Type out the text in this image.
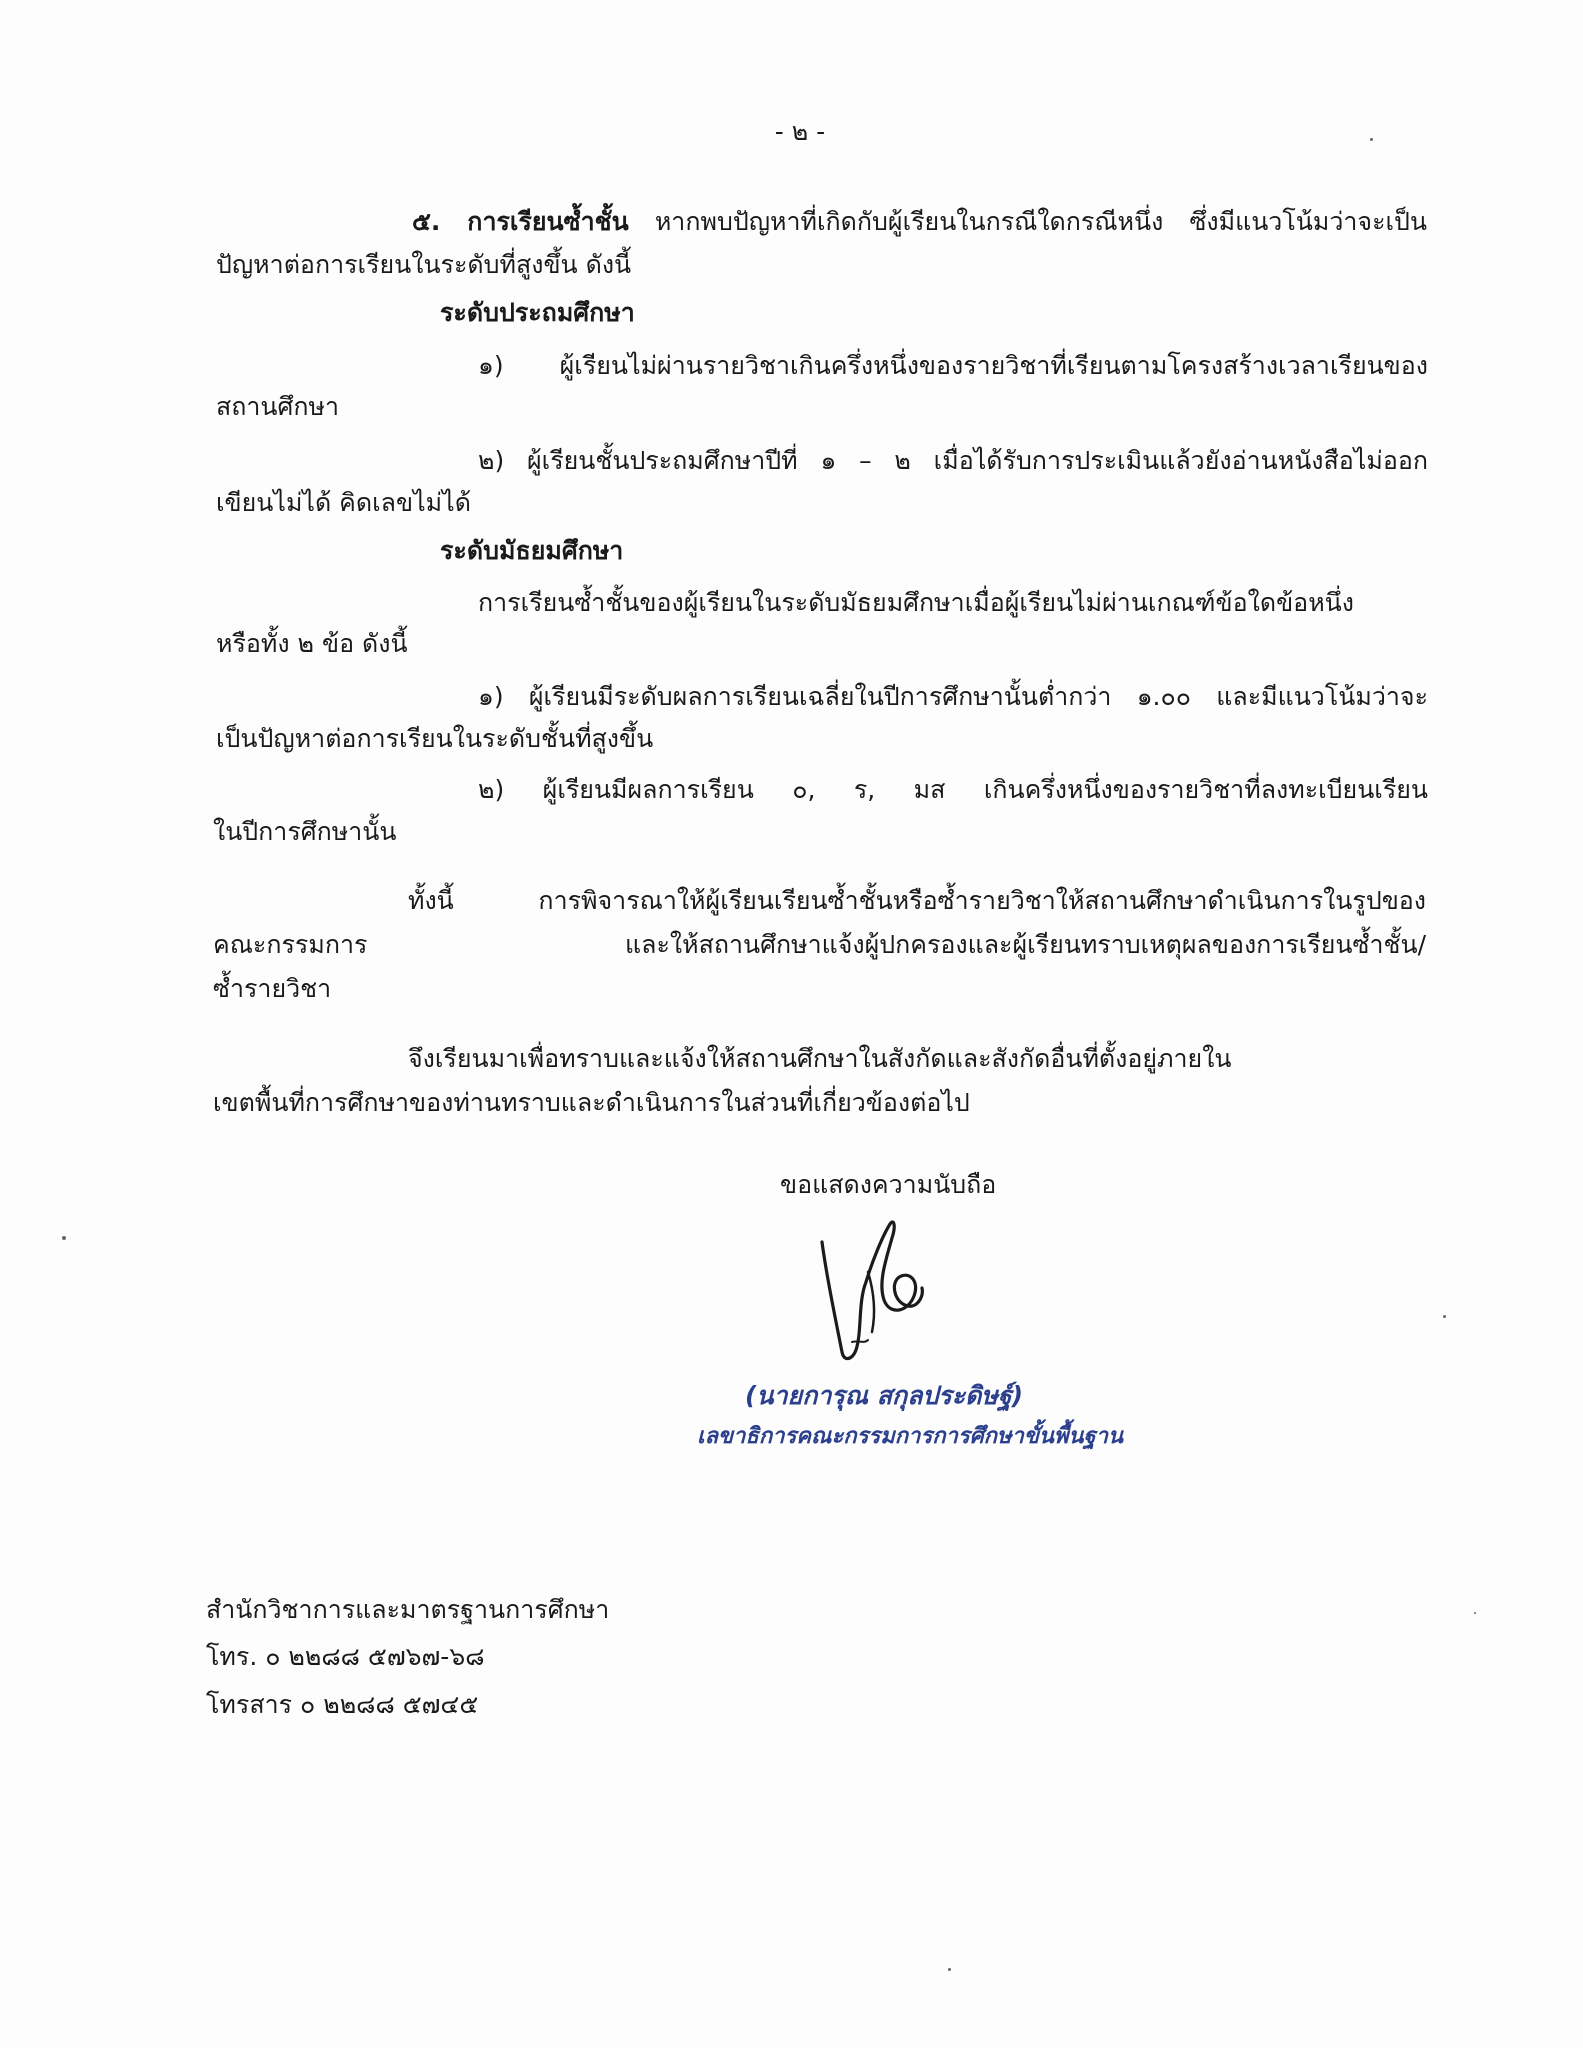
- ๒ -
๕. การเรียนซ้ำชั้น หากพบปัญหาที่เกิดกับผู้เรียนในกรณีใดกรณีหนึ่ง ซึ่งมีแนวโน้มว่าจะเป็น
ปัญหาต่อการเรียนในระดับที่สูงขึ้น ดังนี้
ระดับประถมศึกษา
๑) ผู้เรียนไม่ผ่านรายวิชาเกินครึ่งหนึ่งของรายวิชาที่เรียนตามโครงสร้างเวลาเรียนของ
สถานศึกษา
๒) ผู้เรียนชั้นประถมศึกษาปีที่ ๑ – ๒ เมื่อได้รับการประเมินแล้วยังอ่านหนังสือไม่ออก
เขียนไม่ได้ คิดเลขไม่ได้
ระดับมัธยมศึกษา
การเรียนซ้ำชั้นของผู้เรียนในระดับมัธยมศึกษาเมื่อผู้เรียนไม่ผ่านเกณฑ์ข้อใดข้อหนึ่ง
หรือทั้ง ๒ ข้อ ดังนี้
๑) ผู้เรียนมีระดับผลการเรียนเฉลี่ยในปีการศึกษานั้นต่ำกว่า ๑.๐๐ และมีแนวโน้มว่าจะ
เป็นปัญหาต่อการเรียนในระดับชั้นที่สูงขึ้น
๒) ผู้เรียนมีผลการเรียน ๐, ร, มส เกินครึ่งหนึ่งของรายวิชาที่ลงทะเบียนเรียน
ในปีการศึกษานั้น
ทั้งนี้ การพิจารณาให้ผู้เรียนเรียนซ้ำชั้นหรือซ้ำรายวิชาให้สถานศึกษาดำเนินการในรูปของ
คณะกรรมการ และให้สถานศึกษาแจ้งผู้ปกครองและผู้เรียนทราบเหตุผลของการเรียนซ้ำชั้น/
ซ้ำรายวิชา
จึงเรียนมาเพื่อทราบและแจ้งให้สถานศึกษาในสังกัดและสังกัดอื่นที่ตั้งอยู่ภายใน
เขตพื้นที่การศึกษาของท่านทราบและดำเนินการในส่วนที่เกี่ยวข้องต่อไป
ขอแสดงความนับถือ
(นายการุณ สกุลประดิษฐ์)
เลขาธิการคณะกรรมการการศึกษาขั้นพื้นฐาน
สำนักวิชาการและมาตรฐานการศึกษา
โทร. ๐ ๒๒๘๘ ๕๗๖๗-๖๘
โทรสาร ๐ ๒๒๘๘ ๕๗๔๕
